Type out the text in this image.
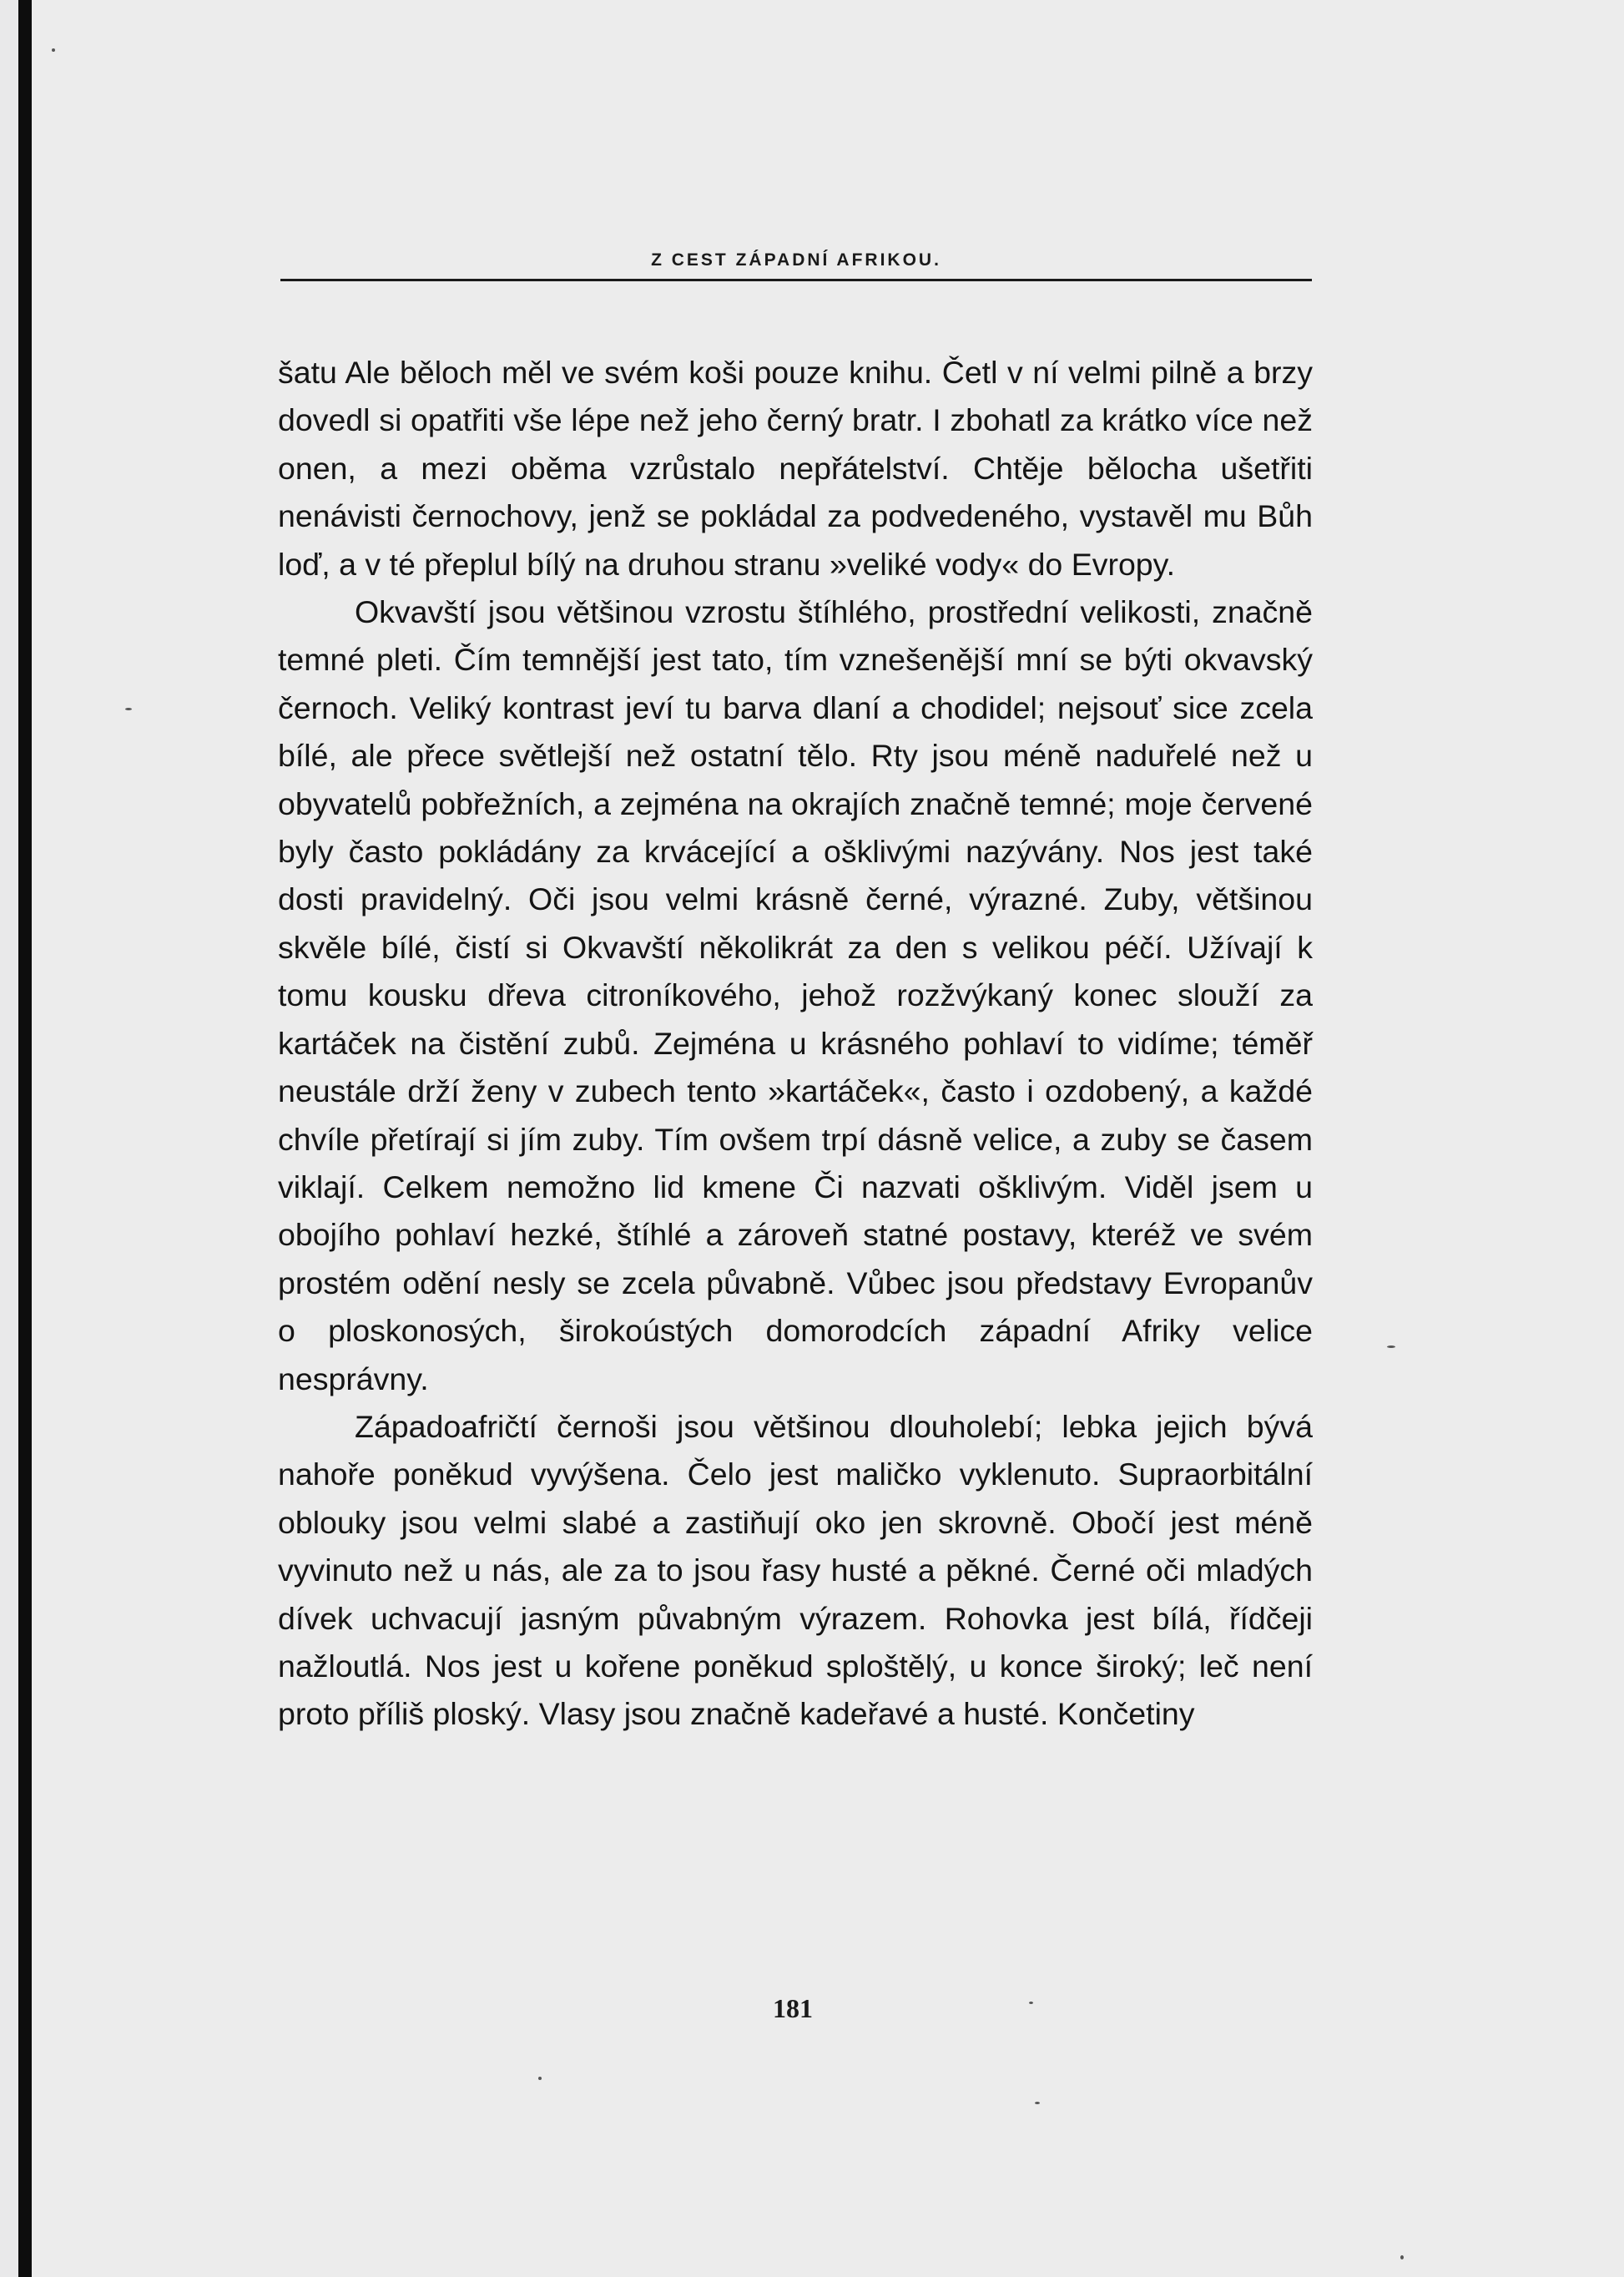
Z CEST ZÁPADNÍ AFRIKOU.

šatu Ale běloch měl ve svém koši pouze knihu. Četl v ní velmi pilně a brzy dovedl si opatřiti vše lépe než jeho černý bratr. I zbohatl za krátko více než onen, a mezi oběma vzrůstalo nepřátelství. Chtěje bělocha ušetřiti nenávisti černochovy, jenž se pokládal za podvedeného, vystavěl mu Bůh loď, a v té přeplul bílý na druhou stranu »veliké vody« do Evropy.

Okvavští jsou většinou vzrostu štíhlého, prostřední velikosti, značně temné pleti. Čím temnější jest tato, tím vznešenější mní se býti okvavský černoch. Veliký kontrast jeví tu barva dlaní a chodidel; nejsouť sice zcela bílé, ale přece světlejší než ostatní tělo. Rty jsou méně naduřelé než u obyvatelů pobřežních, a zejména na okrajích značně temné; moje červené byly často pokládány za krvácející a ošklivými nazývány. Nos jest také dosti pravidelný. Oči jsou velmi krásně černé, výrazné. Zuby, většinou skvěle bílé, čistí si Okvavští několikrát za den s velikou péčí. Užívají k tomu kousku dřeva citroníkového, jehož rozžvýkaný konec slouží za kartáček na čistění zubů. Zejména u krásného pohlaví to vidíme; téměř neustále drží ženy v zubech tento »kartáček«, často i ozdobený, a každé chvíle přetírají si jím zuby. Tím ovšem trpí dásně velice, a zuby se časem viklají. Celkem nemožno lid kmene Či nazvati ošklivým. Viděl jsem u obojího pohlaví hezké, štíhlé a zároveň statné postavy, kteréž ve svém prostém odění nesly se zcela půvabně. Vůbec jsou představy Evropanův o ploskonosých, širokoústých domorodcích západní Afriky velice nesprávny.

Západoafričtí černoši jsou většinou dlouholebí; lebka jejich bývá nahoře poněkud vyvýšena. Čelo jest maličko vyklenuto. Supraorbitální oblouky jsou velmi slabé a zastiňují oko jen skrovně. Obočí jest méně vyvinuto než u nás, ale za to jsou řasy husté a pěkné. Černé oči mladých dívek uchvacují jasným půvabným výrazem. Rohovka jest bílá, řídčeji nažloutlá. Nos jest u kořene poněkud sploštělý, u konce široký; leč není proto příliš ploský. Vlasy jsou značně kadeřavé a husté. Končetiny

181
